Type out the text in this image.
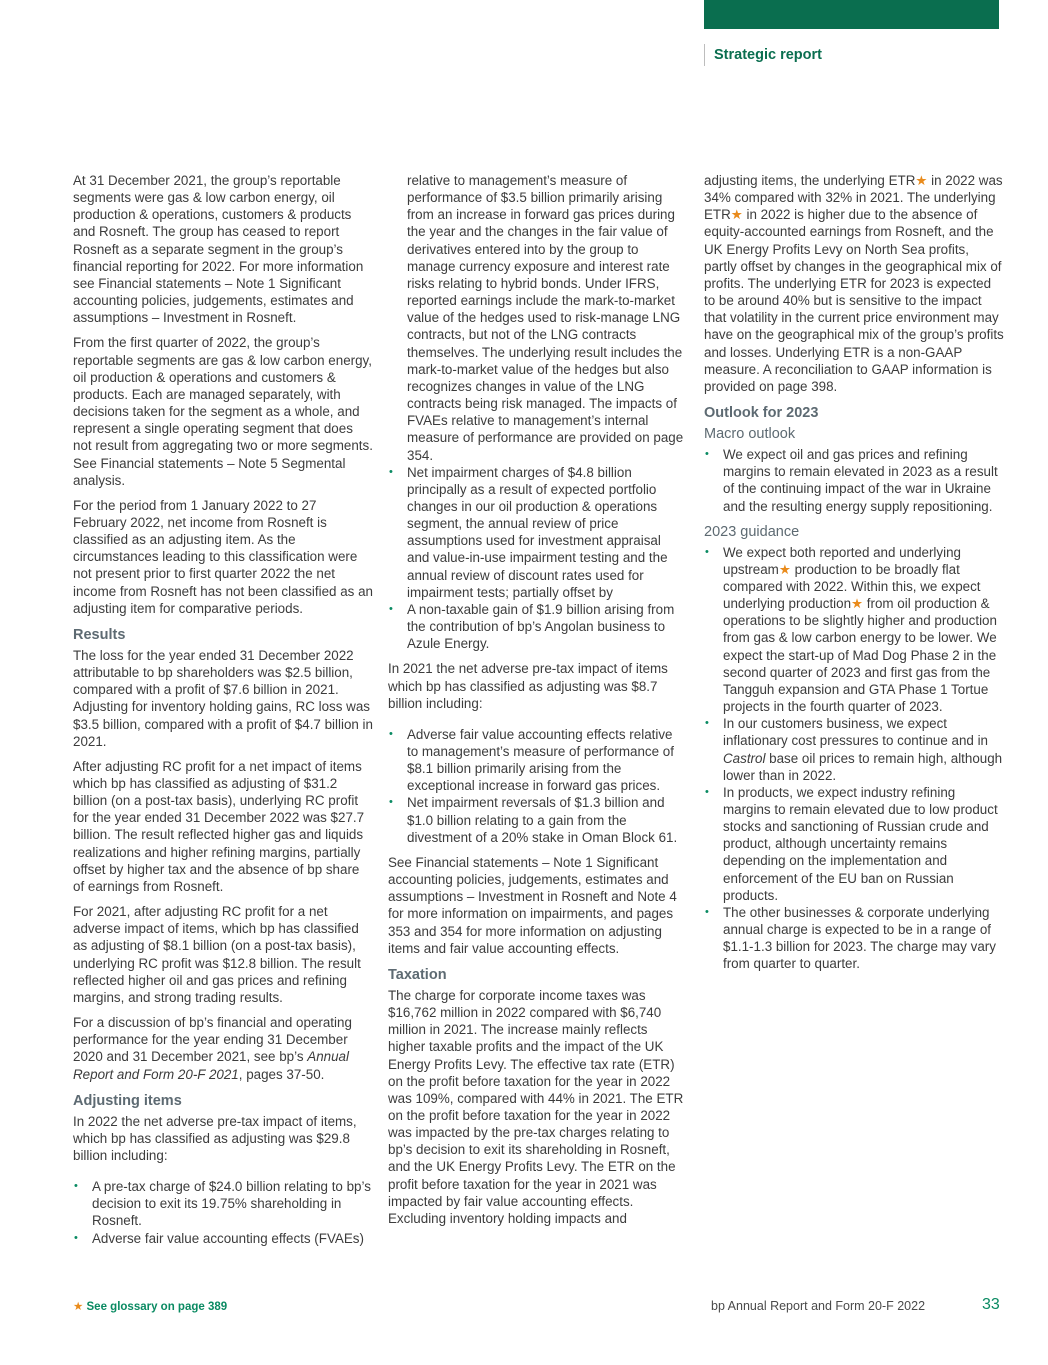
Strategic report

At 31 December 2021, the group’s reportable segments were gas & low carbon energy, oil production & operations, customers & products and Rosneft. The group has ceased to report Rosneft as a separate segment in the group’s financial reporting for 2022. For more information see Financial statements – Note 1 Significant accounting policies, judgements, estimates and assumptions – Investment in Rosneft.

From the first quarter of 2022, the group’s reportable segments are gas & low carbon energy, oil production & operations and customers & products. Each are managed separately, with decisions taken for the segment as a whole, and represent a single operating segment that does not result from aggregating two or more segments. See Financial statements – Note 5 Segmental analysis.

For the period from 1 January 2022 to 27 February 2022, net income from Rosneft is classified as an adjusting item. As the circumstances leading to this classification were not present prior to first quarter 2022 the net income from Rosneft has not been classified as an adjusting item for comparative periods.

Results

The loss for the year ended 31 December 2022 attributable to bp shareholders was $2.5 billion, compared with a profit of $7.6 billion in 2021. Adjusting for inventory holding gains, RC loss was $3.5 billion, compared with a profit of $4.7 billion in 2021.

After adjusting RC profit for a net impact of items which bp has classified as adjusting of $31.2 billion (on a post-tax basis), underlying RC profit for the year ended 31 December 2022 was $27.7 billion. The result reflected higher gas and liquids realizations and higher refining margins, partially offset by higher tax and the absence of bp share of earnings from Rosneft.

For 2021, after adjusting RC profit for a net adverse impact of items, which bp has classified as adjusting of $8.1 billion (on a post-tax basis), underlying RC profit was $12.8 billion. The result reflected higher oil and gas prices and refining margins, and strong trading results.

For a discussion of bp’s financial and operating performance for the year ending 31 December 2020 and 31 December 2021, see bp’s Annual Report and Form 20-F 2021, pages 37-50.

Adjusting items

In 2022 the net adverse pre-tax impact of items, which bp has classified as adjusting was $29.8 billion including:

• A pre-tax charge of $24.0 billion relating to bp’s decision to exit its 19.75% shareholding in Rosneft.
• Adverse fair value accounting effects (FVAEs)

relative to management’s measure of performance of $3.5 billion primarily arising from an increase in forward gas prices during the year and the changes in the fair value of derivatives entered into by the group to manage currency exposure and interest rate risks relating to hybrid bonds. Under IFRS, reported earnings include the mark-to-market value of the hedges used to risk-manage LNG contracts, but not of the LNG contracts themselves. The underlying result includes the mark-to-market value of the hedges but also recognizes changes in value of the LNG contracts being risk managed. The impacts of FVAEs relative to management’s internal measure of performance are provided on page 354.

• Net impairment charges of $4.8 billion principally as a result of expected portfolio changes in our oil production & operations segment, the annual review of price assumptions used for investment appraisal and value-in-use impairment testing and the annual review of discount rates used for impairment tests; partially offset by
• A non-taxable gain of $1.9 billion arising from the contribution of bp’s Angolan business to Azule Energy.

In 2021 the net adverse pre-tax impact of items which bp has classified as adjusting was $8.7 billion including:

• Adverse fair value accounting effects relative to management’s measure of performance of $8.1 billion primarily arising from the exceptional increase in forward gas prices.
• Net impairment reversals of $1.3 billion and $1.0 billion relating to a gain from the divestment of a 20% stake in Oman Block 61.

See Financial statements – Note 1 Significant accounting policies, judgements, estimates and assumptions – Investment in Rosneft and Note 4 for more information on impairments, and pages 353 and 354 for more information on adjusting items and fair value accounting effects.

Taxation

The charge for corporate income taxes was $16,762 million in 2022 compared with $6,740 million in 2021. The increase mainly reflects higher taxable profits and the impact of the UK Energy Profits Levy. The effective tax rate (ETR) on the profit before taxation for the year in 2022 was 109%, compared with 44% in 2021. The ETR on the profit before taxation for the year in 2022 was impacted by the pre-tax charges relating to bp’s decision to exit its shareholding in Rosneft, and the UK Energy Profits Levy. The ETR on the profit before taxation for the year in 2021 was impacted by fair value accounting effects. Excluding inventory holding impacts and

adjusting items, the underlying ETR★ in 2022 was 34% compared with 32% in 2021. The underlying ETR★ in 2022 is higher due to the absence of equity-accounted earnings from Rosneft, and the UK Energy Profits Levy on North Sea profits, partly offset by changes in the geographical mix of profits. The underlying ETR for 2023 is expected to be around 40% but is sensitive to the impact that volatility in the current price environment may have on the geographical mix of the group’s profits and losses. Underlying ETR is a non-GAAP measure. A reconciliation to GAAP information is provided on page 398.

Outlook for 2023
Macro outlook
• We expect oil and gas prices and refining margins to remain elevated in 2023 as a result of the continuing impact of the war in Ukraine and the resulting energy supply repositioning.
2023 guidance
• We expect both reported and underlying upstream★ production to be broadly flat compared with 2022. Within this, we expect underlying production★ from oil production & operations to be slightly higher and production from gas & low carbon energy to be lower. We expect the start-up of Mad Dog Phase 2 in the second quarter of 2023 and first gas from the Tangguh expansion and GTA Phase 1 Tortue projects in the fourth quarter of 2023.
• In our customers business, we expect inflationary cost pressures to continue and in Castrol base oil prices to remain high, although lower than in 2022.
• In products, we expect industry refining margins to remain elevated due to low product stocks and sanctioning of Russian crude and product, although uncertainty remains depending on the implementation and enforcement of the EU ban on Russian products.
• The other businesses & corporate underlying annual charge is expected to be in a range of $1.1-1.3 billion for 2023. The charge may vary from quarter to quarter.
★ See glossary on page 389	bp Annual Report and Form 20-F 2022	33
